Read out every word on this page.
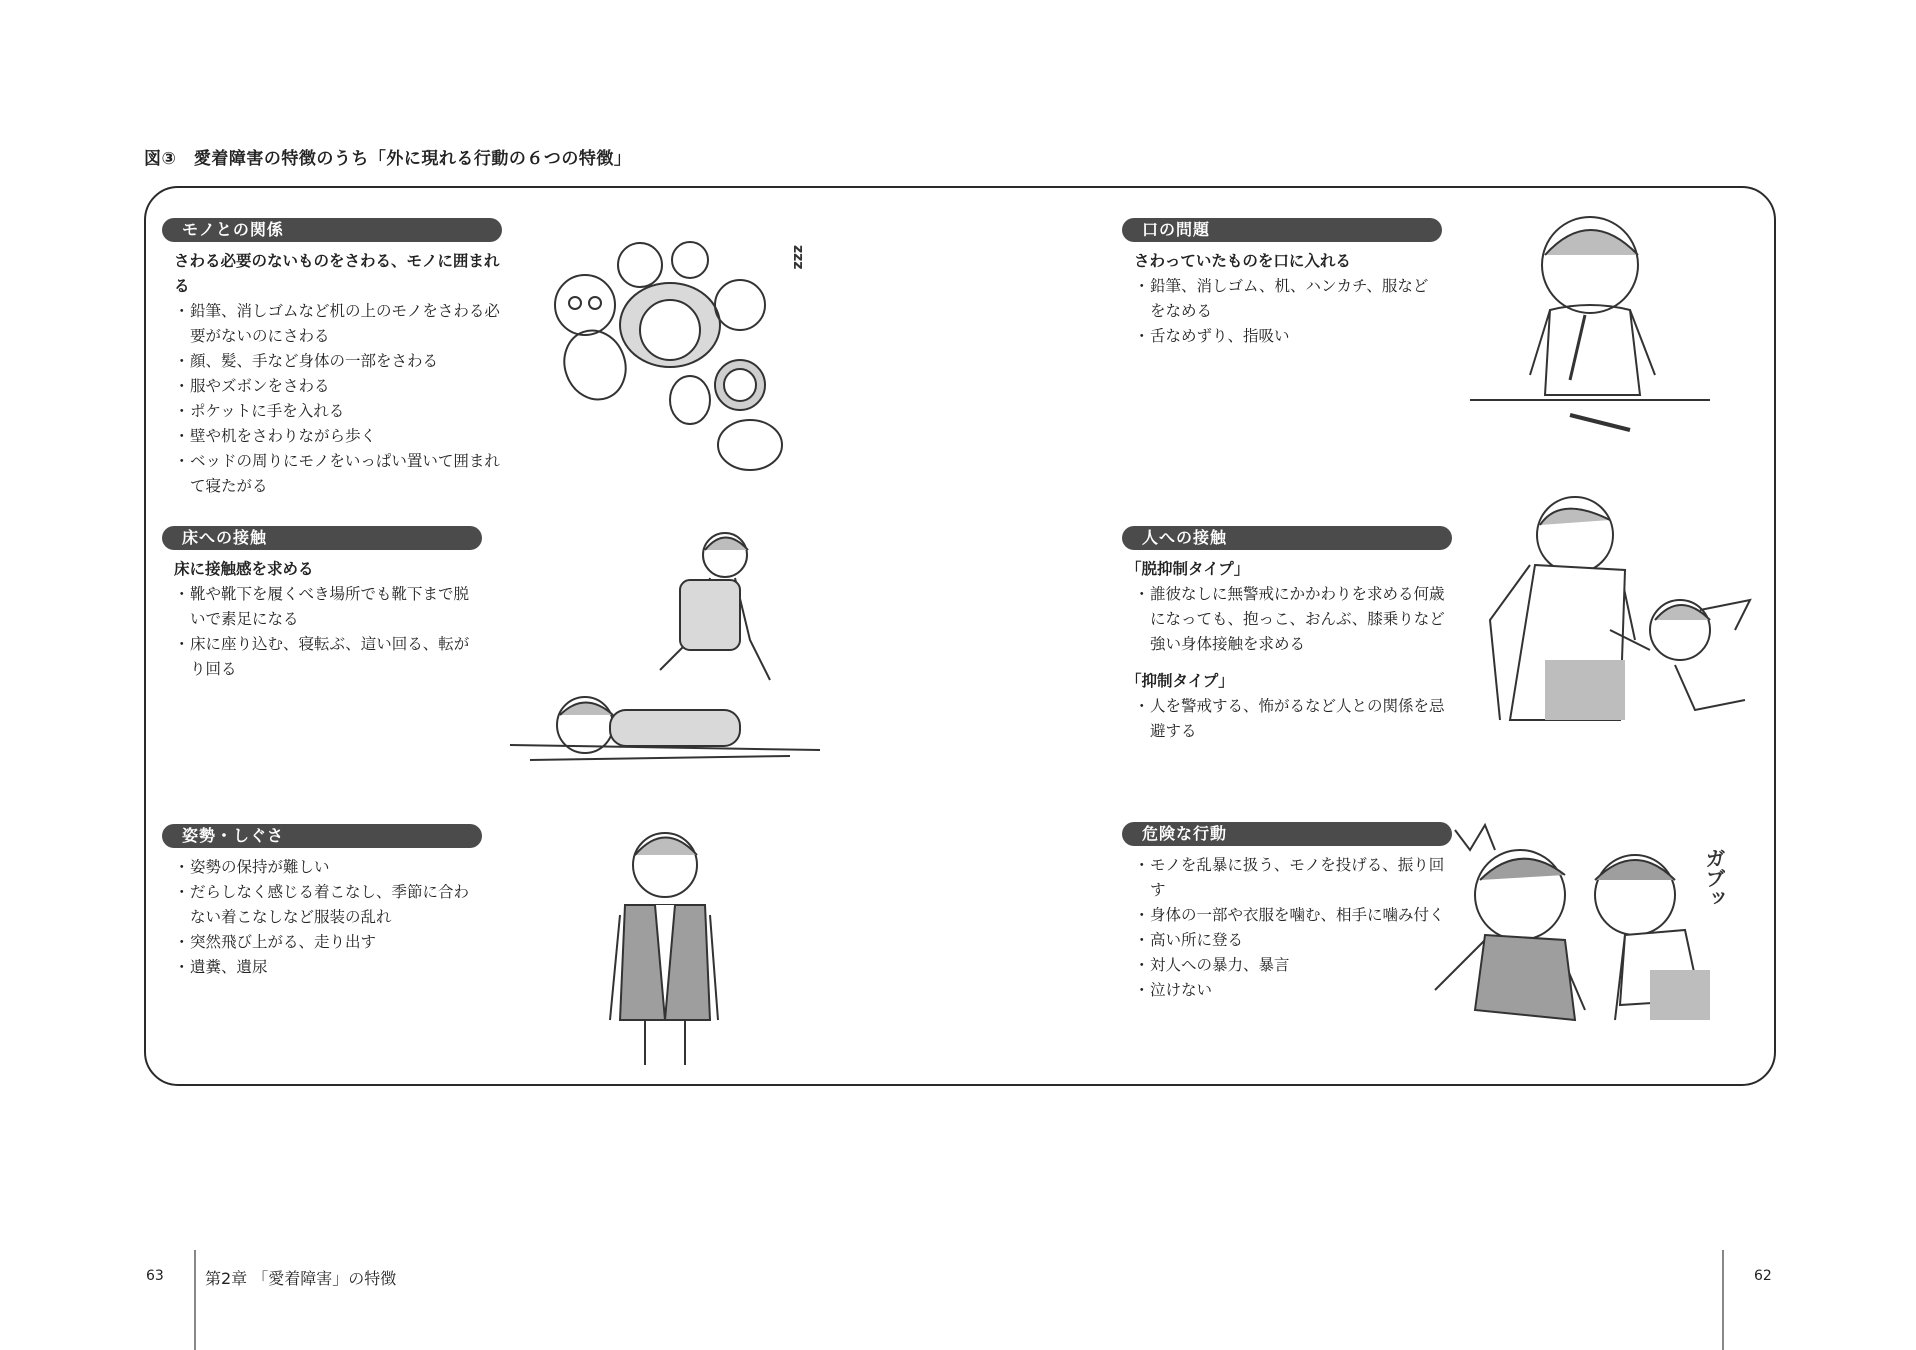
図③　愛着障害の特徴のうち「外に現れる行動の６つの特徴」
モノとの関係
さわる必要のないものをさわる、モノに囲まれる
・ 鉛筆、消しゴムなど机の上のモノをさわる必要がないのにさわる
・ 顔、髪、手など身体の一部をさわる
・ 服やズボンをさわる
・ ポケットに手を入れる
・ 壁や机をさわりながら歩く
・ ベッドの周りにモノをいっぱい置いて囲まれて寝たがる
zzz
床への接触
床に接触感を求める
・ 靴や靴下を履くべき場所でも靴下まで脱いで素足になる
・ 床に座り込む、寝転ぶ、這い回る、転がり回る
姿勢・しぐさ
・ 姿勢の保持が難しい
・ だらしなく感じる着こなし、季節に合わない着こなしなど服装の乱れ
・ 突然飛び上がる、走り出す
・ 遺糞、遺尿
口の問題
さわっていたものを口に入れる
・ 鉛筆、消しゴム、机、ハンカチ、服などをなめる
・ 舌なめずり、指吸い
人への接触
「脱抑制タイプ」
・ 誰彼なしに無警戒にかかわりを求める何歳になっても、抱っこ、おんぶ、膝乗りなど強い身体接触を求める
「抑制タイプ」
・ 人を警戒する、怖がるなど人との関係を忌避する
危険な行動
・ モノを乱暴に扱う、モノを投げる、振り回す
・ 身体の一部や衣服を噛む、相手に噛み付く
・ 高い所に登る
・ 対人への暴力、暴言
・ 泣けない
ガブッ
63	第2章 「愛着障害」の特徴	62
